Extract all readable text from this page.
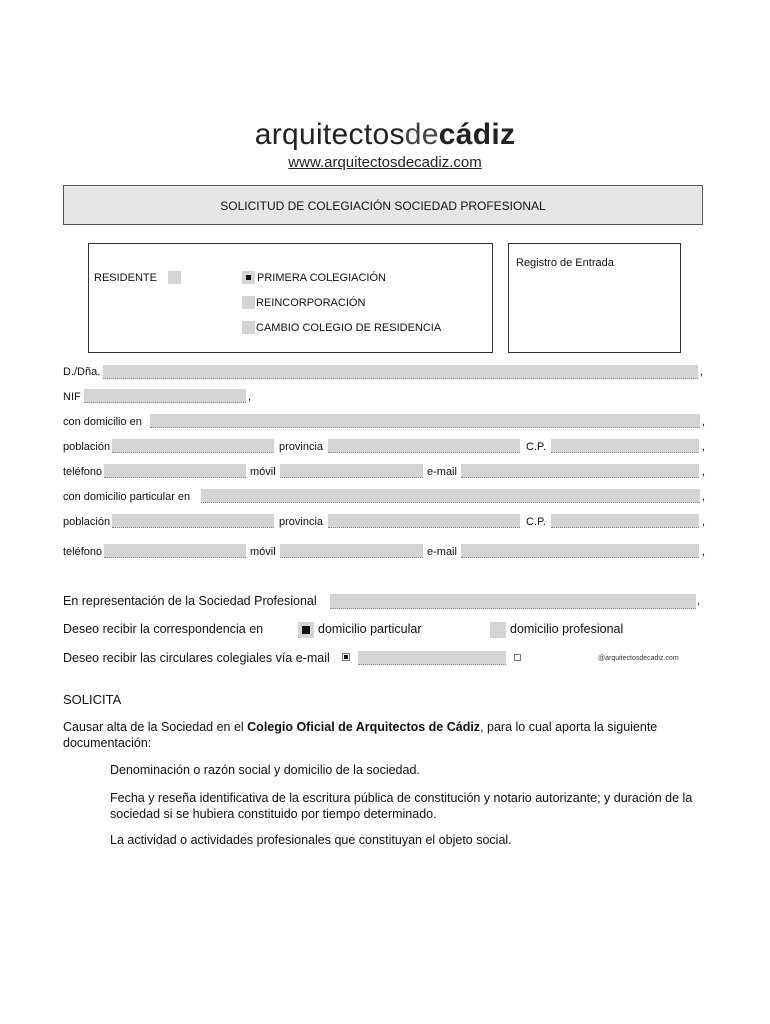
arquitectosdecádiz
www.arquitectosdecadiz.com
SOLICITUD DE COLEGIACIÓN SOCIEDAD PROFESIONAL
RESIDENTE	PRIMERA COLEGIACIÓN
REINCORPORACIÓN
CAMBIO COLEGIO DE RESIDENCIA
Registro de Entrada
D./Dña.	,
NIF	,
con domicilio en	,
población	provincia	C.P.	,
teléfono	móvil	e-mail	,
con domicilio particular en	,
población	provincia	C.P.	,
teléfono	móvil	e-mail	,
En representación de la Sociedad Profesional	,
Deseo recibir la correspondencia en	domicilio particular	domicilio profesional
Deseo recibir las circulares colegiales vía e-mail	@arquitectosdecadiz.com
SOLICITA

Causar alta de la Sociedad en el Colegio Oficial de Arquitectos de Cádiz, para lo cual aporta la siguiente documentación:

Denominación o razón social y domicilio de la sociedad.

Fecha y reseña identificativa de la escritura pública de constitución y notario autorizante; y duración de la sociedad si se hubiera constituido por tiempo determinado.

La actividad o actividades profesionales que constituyan el objeto social.
